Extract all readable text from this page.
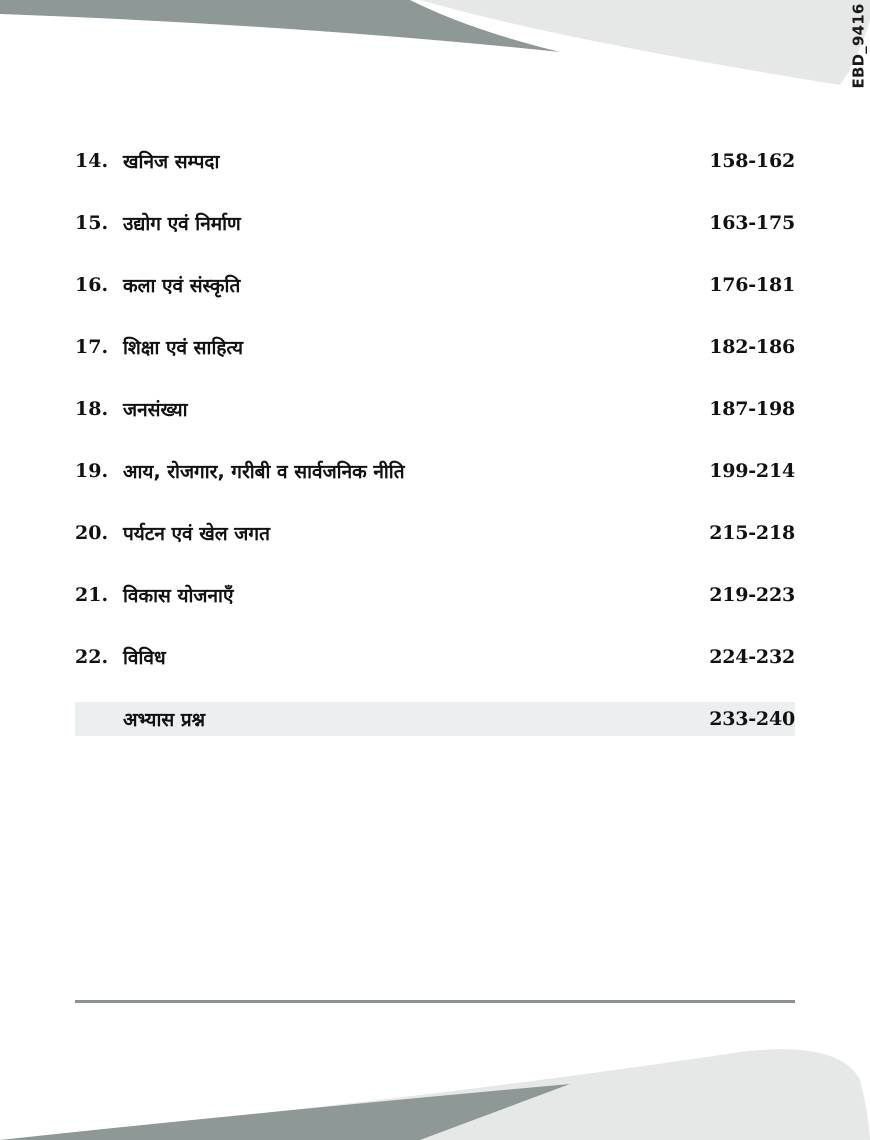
EBD_9416
14. खनिज सम्पदा	158-162
15. उद्योग एवं निर्माण	163-175
16. कला एवं संस्कृति	176-181
17. शिक्षा एवं साहित्य	182-186
18. जनसंख्या	187-198
19. आय, रोजगार, गरीबी व सार्वजनिक नीति	199-214
20. पर्यटन एवं खेल जगत	215-218
21. विकास योजनाएँ	219-223
22. विविध	224-232
अभ्यास प्रश्न	233-240
